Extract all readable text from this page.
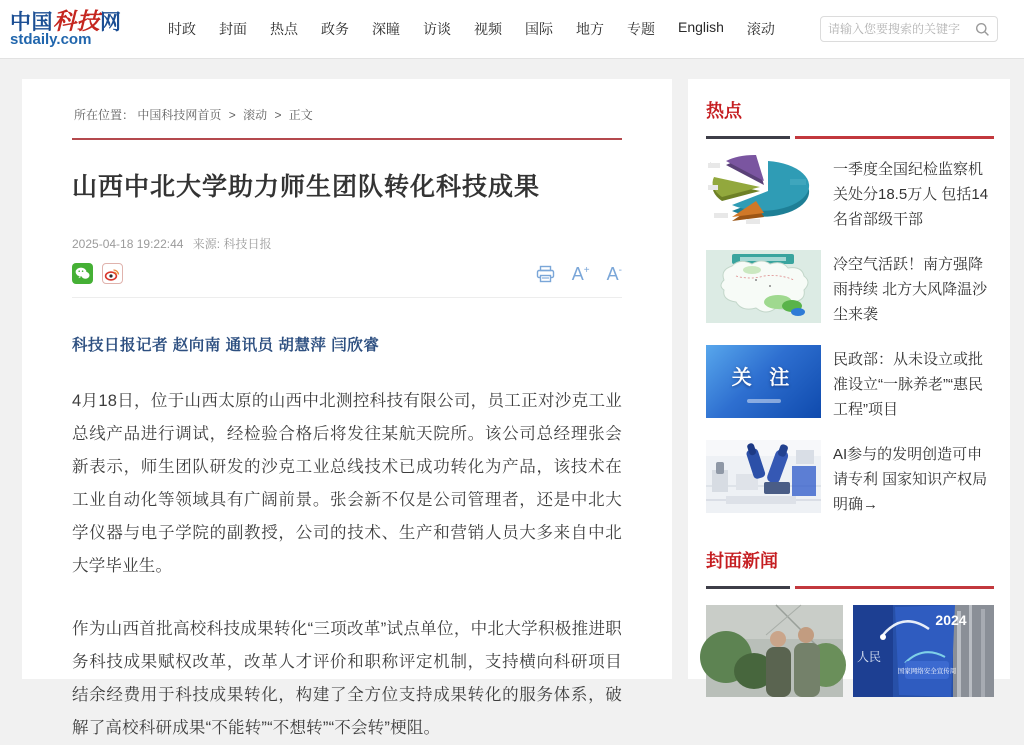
中国科技网
stdaily.com
时政 封面 热点 政务 深瞳 访谈 视频 国际 地方 专题 English 滚动
请输入您要搜索的关键字
所在位置： 中国科技网首页 > 滚动 > 正文
山西中北大学助力师生团队转化科技成果
2025-04-18 19:22:44 来源: 科技日报
A+ A-
科技日报记者 赵向南 通讯员 胡慧萍 闫欣睿

4月18日，位于山西太原的山西中北测控科技有限公司，员工正对沙克工业总线产品进行调试，经检验合格后将发往某航天院所。该公司总经理张会新表示，师生团队研发的沙克工业总线技术已成功转化为产品，该技术在工业自动化等领域具有广阔前景。张会新不仅是公司管理者，还是中北大学仪器与电子学院的副教授，公司的技术、生产和营销人员大多来自中北大学毕业生。

作为山西首批高校科技成果转化“三项改革”试点单位，中北大学积极推进职务科技成果赋权改革，改革人才评价和职称评定机制，支持横向科研项目结余经费用于科技成果转化，构建了全方位支持成果转化的服务体系，破解了高校科研成果“不能转”“不想转”“不会转”梗阻。

热点
一季度全国纪检监察机关处分18.5万人 包括14名省部级干部
冷空气活跃！南方强降雨持续 北方大风降温沙尘来袭
关 注
民政部：从未设立或批准设立“一脉养老”“惠民工程”项目
AI参与的发明创造可申请专利 国家知识产权局明确→
封面新闻
2024
人民
国家网络安全宣传周
